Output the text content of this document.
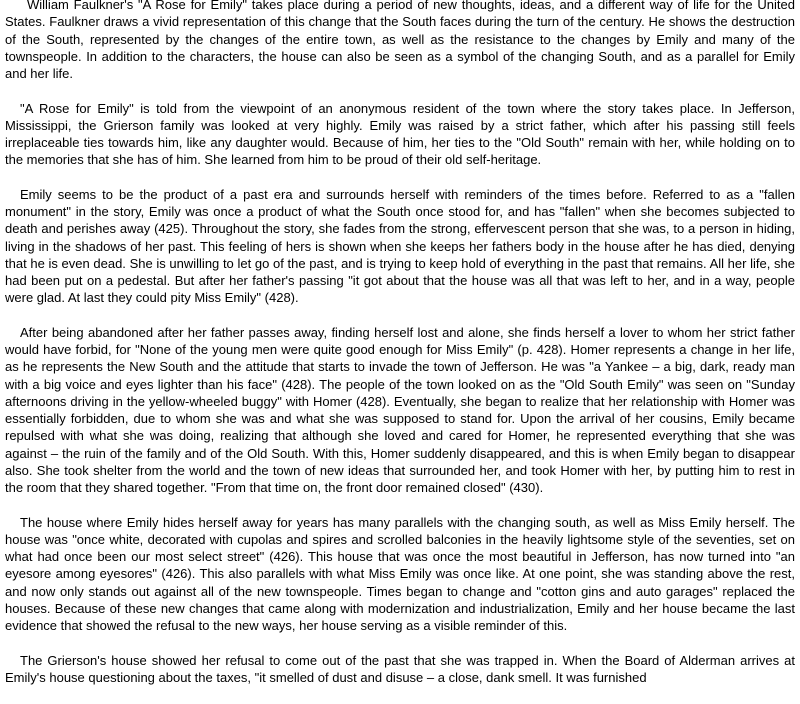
William Faulkner's "A Rose for Emily" takes place during a period of new thoughts, ideas, and a different way of life for the United States. Faulkner draws a vivid representation of this change that the South faces during the turn of the century. He shows the destruction of the South, represented by the changes of the entire town, as well as the resistance to the changes by Emily and many of the townspeople. In addition to the characters, the house can also be seen as a symbol of the changing South, and as a parallel for Emily and her life.

"A Rose for Emily" is told from the viewpoint of an anonymous resident of the town where the story takes place. In Jefferson, Mississippi, the Grierson family was looked at very highly. Emily was raised by a strict father, which after his passing still feels irreplaceable ties towards him, like any daughter would. Because of him, her ties to the "Old South" remain with her, while holding on to the memories that she has of him. She learned from him to be proud of their old self-heritage.

Emily seems to be the product of a past era and surrounds herself with reminders of the times before. Referred to as a "fallen monument" in the story, Emily was once a product of what the South once stood for, and has "fallen" when she becomes subjected to death and perishes away (425). Throughout the story, she fades from the strong, effervescent person that she was, to a person in hiding, living in the shadows of her past. This feeling of hers is shown when she keeps her fathers body in the house after he has died, denying that he is even dead. She is unwilling to let go of the past, and is trying to keep hold of everything in the past that remains. All her life, she had been put on a pedestal. But after her father's passing "it got about that the house was all that was left to her, and in a way, people were glad. At last they could pity Miss Emily" (428).

After being abandoned after her father passes away, finding herself lost and alone, she finds herself a lover to whom her strict father would have forbid, for "None of the young men were quite good enough for Miss Emily" (p. 428). Homer represents a change in her life, as he represents the New South and the attitude that starts to invade the town of Jefferson. He was "a Yankee – a big, dark, ready man with a big voice and eyes lighter than his face" (428). The people of the town looked on as the "Old South Emily" was seen on "Sunday afternoons driving in the yellow-wheeled buggy" with Homer (428). Eventually, she began to realize that her relationship with Homer was essentially forbidden, due to whom she was and what she was supposed to stand for. Upon the arrival of her cousins, Emily became repulsed with what she was doing, realizing that although she loved and cared for Homer, he represented everything that she was against – the ruin of the family and of the Old South. With this, Homer suddenly disappeared, and this is when Emily began to disappear also. She took shelter from the world and the town of new ideas that surrounded her, and took Homer with her, by putting him to rest in the room that they shared together. "From that time on, the front door remained closed" (430).

The house where Emily hides herself away for years has many parallels with the changing south, as well as Miss Emily herself. The house was "once white, decorated with cupolas and spires and scrolled balconies in the heavily lightsome style of the seventies, set on what had once been our most select street" (426). This house that was once the most beautiful in Jefferson, has now turned into "an eyesore among eyesores" (426). This also parallels with what Miss Emily was once like. At one point, she was standing above the rest, and now only stands out against all of the new townspeople. Times began to change and "cotton gins and auto garages" replaced the houses. Because of these new changes that came along with modernization and industrialization, Emily and her house became the last evidence that showed the refusal to the new ways, her house serving as a visible reminder of this.

The Grierson's house showed her refusal to come out of the past that she was trapped in. When the Board of Alderman arrives at Emily's house questioning about the taxes, "it smelled of dust and disuse – a close, dank smell. It was furnished
